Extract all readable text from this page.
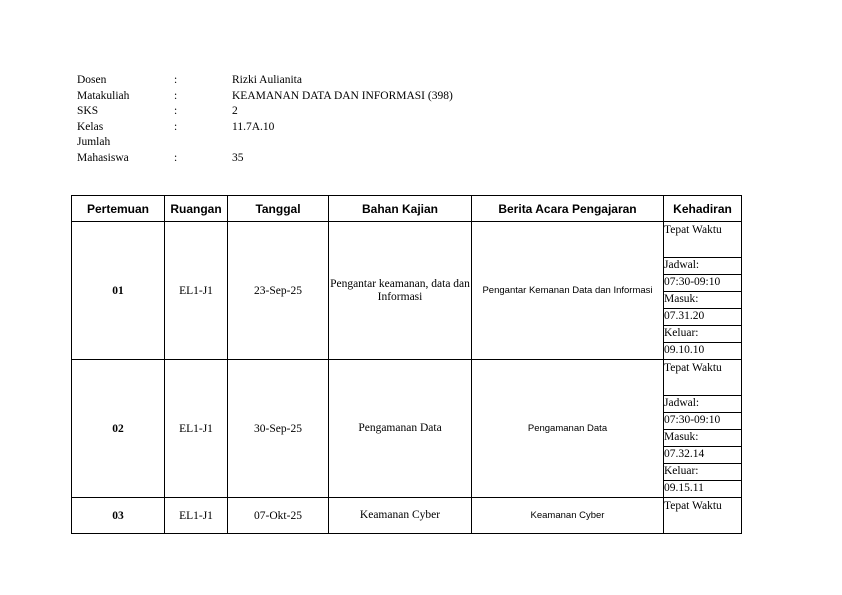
Dosen	:	Rizki Aulianita
Matakuliah	:	KEAMANAN DATA DAN INFORMASI (398)
SKS	:	2
Kelas	:	11.7A.10
Jumlah
Mahasiswa	:	35
Pertemuan	Ruangan	Tanggal	Bahan Kajian	Berita Acara Pengajaran	Kehadiran
01	EL1-J1	23-Sep-25	Pengantar keamanan, data dan Informasi	Pengantar Kemanan Data dan Informasi	Tepat Waktu

					Jadwal:
					07:30-09:10
					Masuk:
					07.31.20
					Keluar:
					09.10.10
02	EL1-J1	30-Sep-25	Pengamanan Data	Pengamanan Data	Tepat Waktu

					Jadwal:
					07:30-09:10
					Masuk:
					07.32.14
					Keluar:
					09.15.11
03	EL1-J1	07-Okt-25	Keamanan Cyber	Keamanan Cyber	Tepat Waktu
